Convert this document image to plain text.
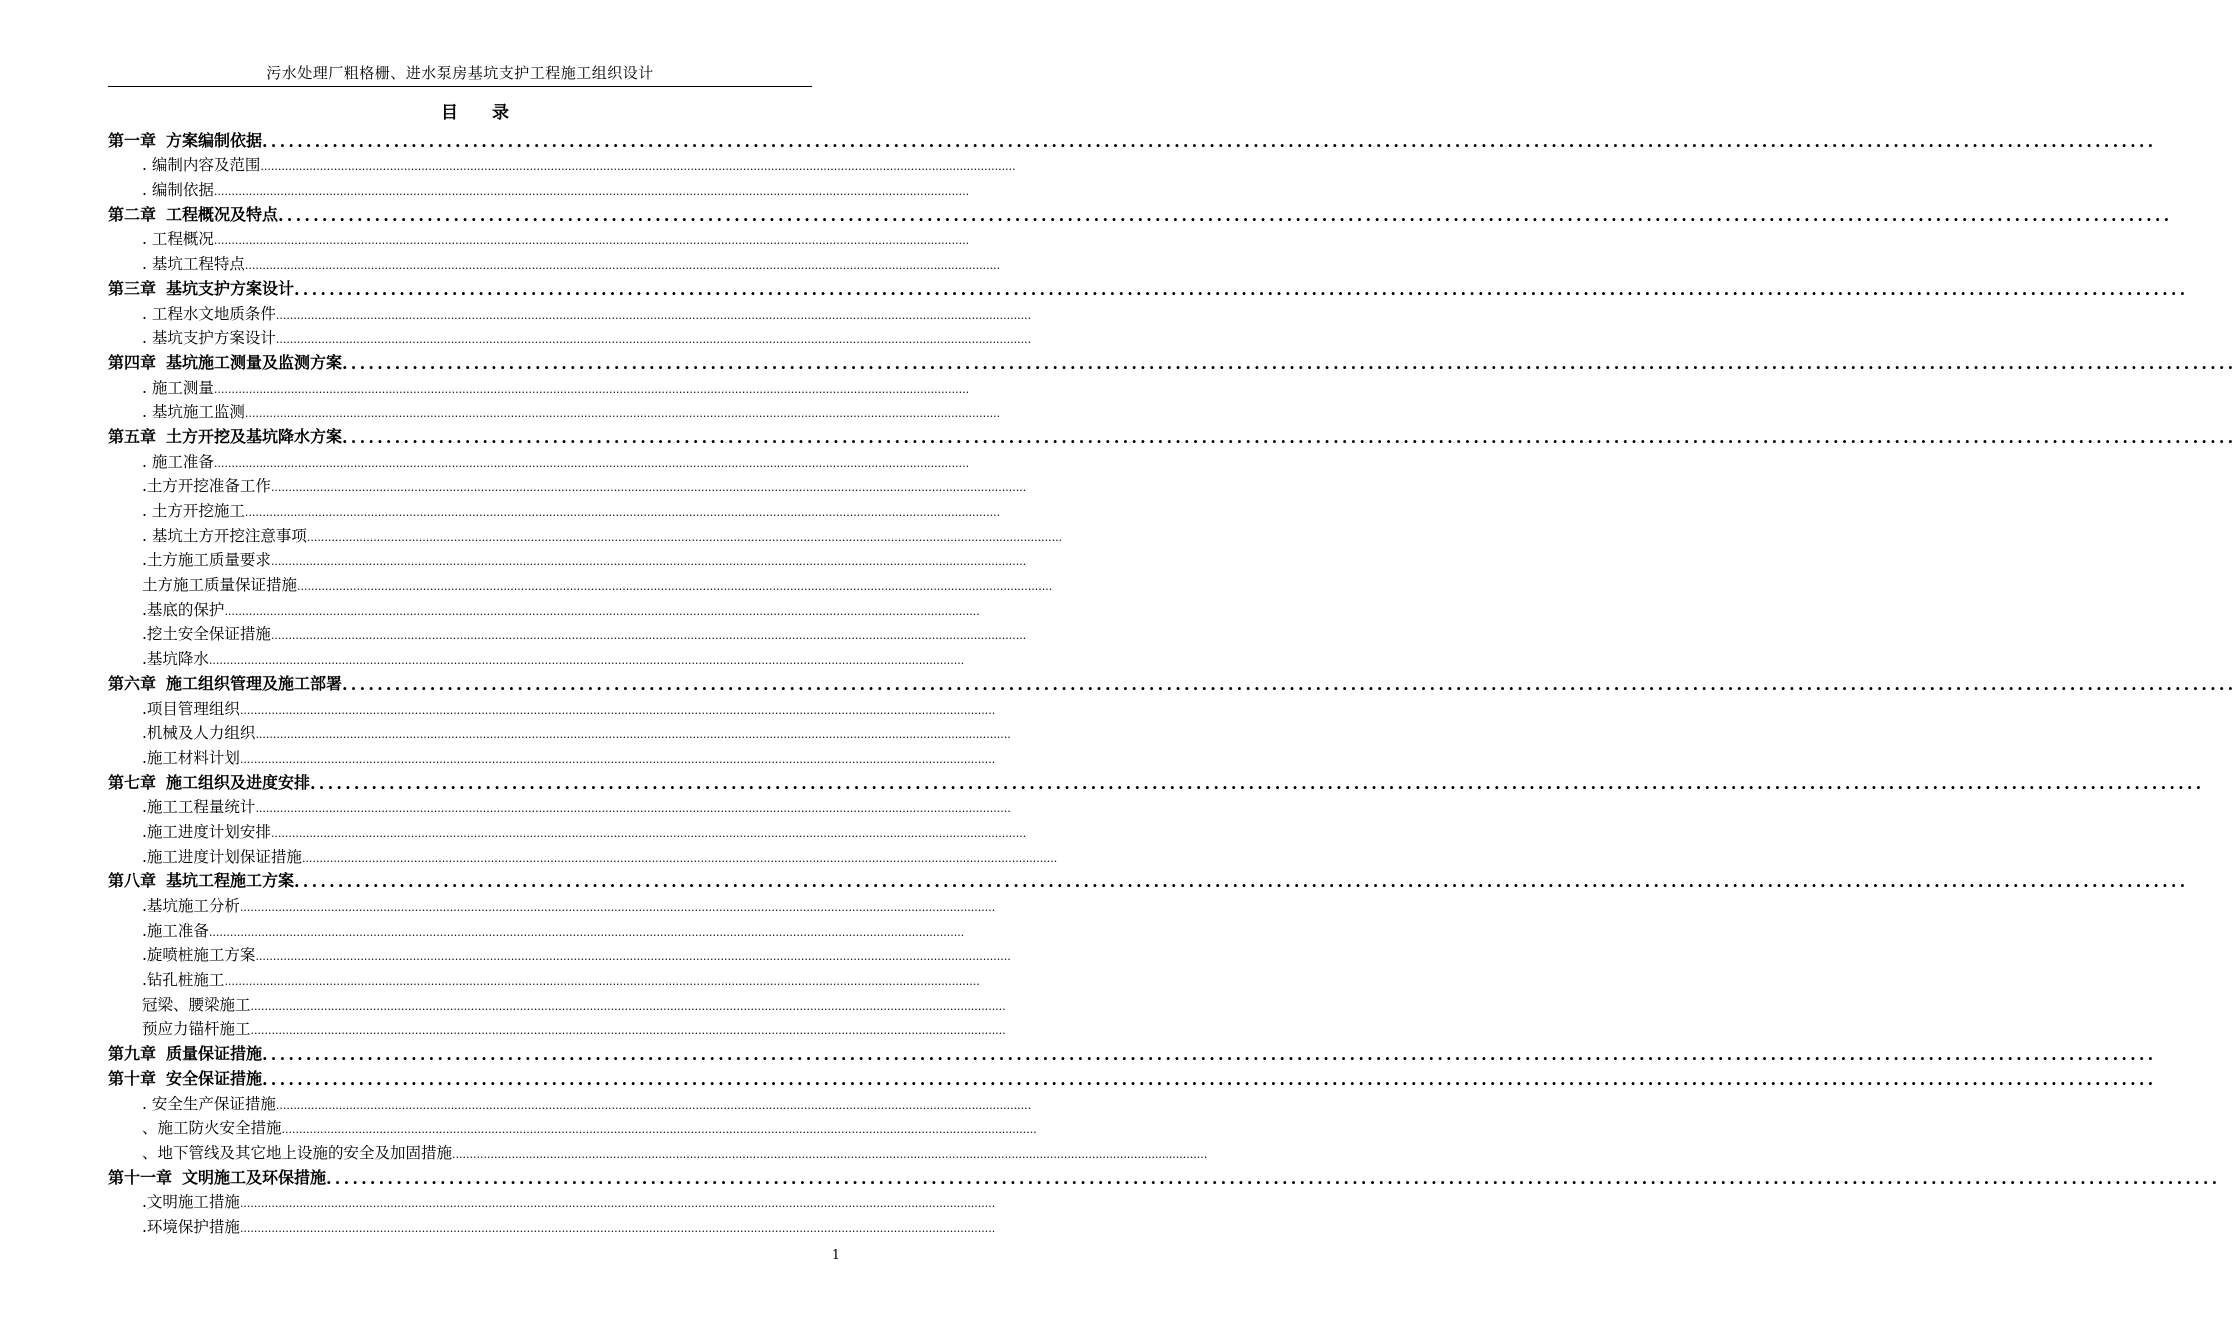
污水处理厂粗格栅、进水泵房基坑支护工程施工组织设计
目　　录
第一章 方案编制依据 ........................................................................................................................................................................................................................
. 编制内容及范围 ........................................................................................................................................................................................................................
. 编制依据 ........................................................................................................................................................................................................................
第二章 工程概况及特点 ........................................................................................................................................................................................................................
. 工程概况 ........................................................................................................................................................................................................................
. 基坑工程特点 ........................................................................................................................................................................................................................
第三章 基坑支护方案设计 ........................................................................................................................................................................................................................
. 工程水文地质条件 ........................................................................................................................................................................................................................
. 基坑支护方案设计 ........................................................................................................................................................................................................................
第四章 基坑施工测量及监测方案 ........................................................................................................................................................................................................................
. 施工测量 ........................................................................................................................................................................................................................
. 基坑施工监测 ........................................................................................................................................................................................................................
第五章 土方开挖及基坑降水方案 ........................................................................................................................................................................................................................
. 施工准备 ........................................................................................................................................................................................................................
.土方开挖准备工作 ........................................................................................................................................................................................................................
. 土方开挖施工 ........................................................................................................................................................................................................................
. 基坑土方开挖注意事项 ........................................................................................................................................................................................................................
.土方施工质量要求 ........................................................................................................................................................................................................................
土方施工质量保证措施 ........................................................................................................................................................................................................................
.基底的保护 ........................................................................................................................................................................................................................
.挖土安全保证措施 ........................................................................................................................................................................................................................
.基坑降水 ........................................................................................................................................................................................................................
第六章 施工组织管理及施工部署 ........................................................................................................................................................................................................................
.项目管理组织 ........................................................................................................................................................................................................................
.机械及人力组织 ........................................................................................................................................................................................................................
.施工材料计划 ........................................................................................................................................................................................................................
第七章 施工组织及进度安排 ........................................................................................................................................................................................................................
.施工工程量统计 ........................................................................................................................................................................................................................
.施工进度计划安排 ........................................................................................................................................................................................................................
.施工进度计划保证措施 ........................................................................................................................................................................................................................
第八章 基坑工程施工方案 ........................................................................................................................................................................................................................
.基坑施工分析 ........................................................................................................................................................................................................................
.施工准备 ........................................................................................................................................................................................................................
.旋喷桩施工方案 ........................................................................................................................................................................................................................
.钻孔桩施工 ........................................................................................................................................................................................................................
冠梁、腰梁施工 ........................................................................................................................................................................................................................
预应力锚杆施工 ........................................................................................................................................................................................................................
第九章 质量保证措施 ........................................................................................................................................................................................................................
第十章 安全保证措施 ........................................................................................................................................................................................................................
. 安全生产保证措施 ........................................................................................................................................................................................................................
、施工防火安全措施 ........................................................................................................................................................................................................................
、地下管线及其它地上设施的安全及加固措施 ........................................................................................................................................................................................................................
第十一章 文明施工及环保措施 ........................................................................................................................................................................................................................
.文明施工措施 ........................................................................................................................................................................................................................
.环境保护措施 ........................................................................................................................................................................................................................
1
